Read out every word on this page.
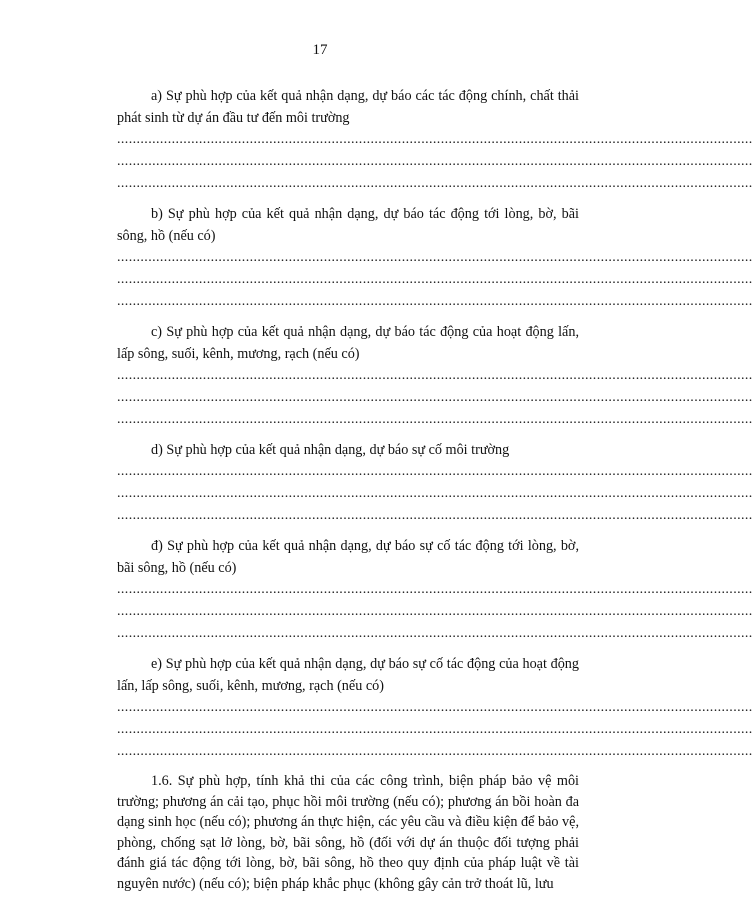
17

a) Sự phù hợp của kết quả nhận dạng, dự báo các tác động chính, chất thải phát sinh từ dự án đầu tư đến môi trường

...................................................................................................................................................................
...................................................................................................................................................................
...................................................................................................................................................................

b) Sự phù hợp của kết quả nhận dạng, dự báo tác động tới lòng, bờ, bãi sông, hồ (nếu có)

...................................................................................................................................................................
...................................................................................................................................................................
...................................................................................................................................................................

c) Sự phù hợp của kết quả nhận dạng, dự báo tác động của hoạt động lấn, lấp sông, suối, kênh, mương, rạch (nếu có)

...................................................................................................................................................................
...................................................................................................................................................................
...................................................................................................................................................................

d) Sự phù hợp của kết quả nhận dạng, dự báo sự cố môi trường

...................................................................................................................................................................
...................................................................................................................................................................
...................................................................................................................................................................

đ) Sự phù hợp của kết quả nhận dạng, dự báo sự cố tác động tới lòng, bờ, bãi sông, hồ (nếu có)

...................................................................................................................................................................
...................................................................................................................................................................
...................................................................................................................................................................

e) Sự phù hợp của kết quả nhận dạng, dự báo sự cố tác động của hoạt động lấn, lấp sông, suối, kênh, mương, rạch (nếu có)

...................................................................................................................................................................
...................................................................................................................................................................
...................................................................................................................................................................

1.6. Sự phù hợp, tính khả thi của các công trình, biện pháp bảo vệ môi trường; phương án cải tạo, phục hồi môi trường (nếu có); phương án bồi hoàn đa dạng sinh học (nếu có); phương án thực hiện, các yêu cầu và điều kiện để bảo vệ, phòng, chống sạt lở lòng, bờ, bãi sông, hồ (đối với dự án thuộc đối tượng phải đánh giá tác động tới lòng, bờ, bãi sông, hồ theo quy định của pháp luật về tài nguyên nước) (nếu có); biện pháp khắc phục (không gây cản trở thoát lũ, lưu
